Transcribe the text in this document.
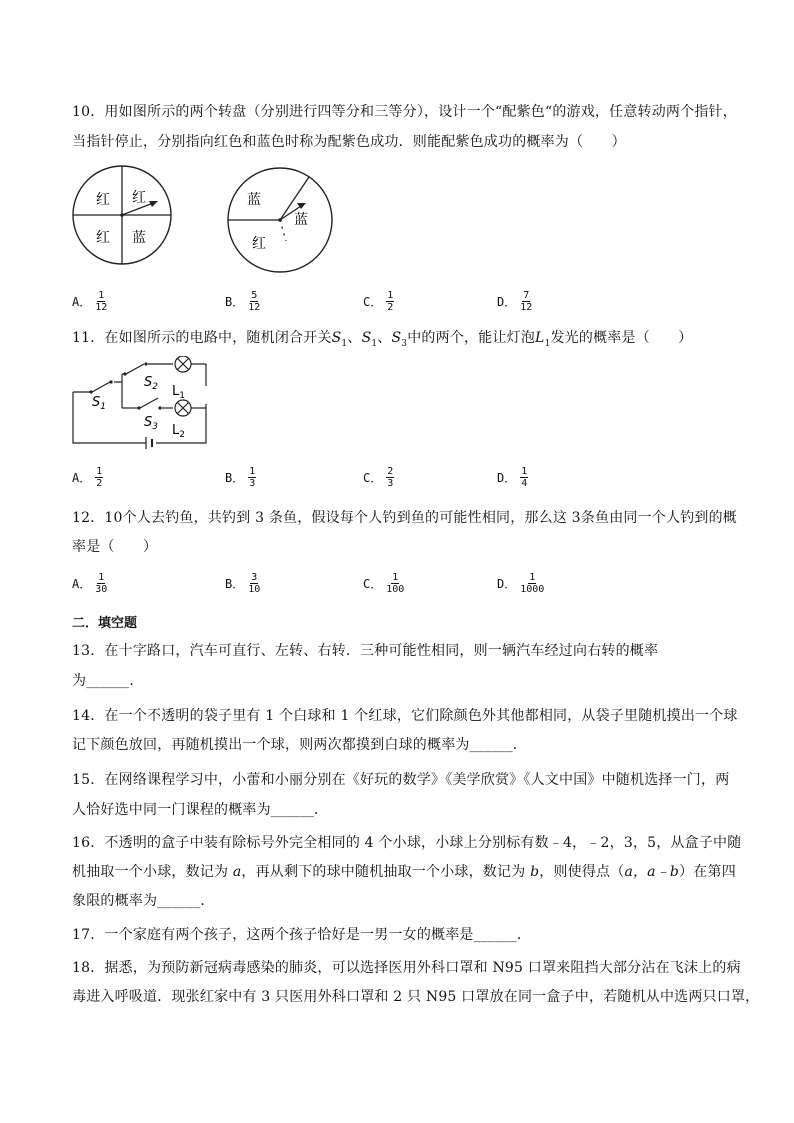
10．用如图所示的两个转盘（分别进行四等分和三等分），设计一个“配紫色“的游戏，任意转动两个指针，
当指针停止，分别指向红色和蓝色时称为配紫色成功．则能配紫色成功的概率为（　　）
红 红
红 蓝
蓝
蓝
红
A． $\frac{1}{12}$	B． $\frac{5}{12}$	C． $\frac{1}{2}$	D． $\frac{7}{12}$
11．在如图所示的电路中，随机闭合开关$S_1$、$S_1$、$S_3$中的两个，能让灯泡$L_1$发光的概率是（　　）
$S_1$
$S_2$ $L_1$
$S_3$ $L_2$
A． $\frac{1}{2}$	B． $\frac{1}{3}$	C． $\frac{2}{3}$	D． $\frac{1}{4}$
12．10个人去钓鱼，共钓到 3 条鱼，假设每个人钓到鱼的可能性相同，那么这 3条鱼由同一个人钓到的概
率是（　　）
A． $\frac{1}{30}$	B． $\frac{3}{10}$	C． $\frac{1}{100}$	D． $\frac{1}{1000}$
二．填空题
13．在十字路口，汽车可直行、左转、右转．三种可能性相同，则一辆汽车经过向右转的概率
为______．
14．在一个不透明的袋子里有 1 个白球和 1 个红球，它们除颜色外其他都相同，从袋子里随机摸出一个球
记下颜色放回，再随机摸出一个球，则两次都摸到白球的概率为______．
15．在网络课程学习中，小蕾和小丽分别在《好玩的数学》《美学欣赏》《人文中国》中随机选择一门，两
人恰好选中同一门课程的概率为______．
16．不透明的盒子中装有除标号外完全相同的 4 个小球，小球上分别标有数﹣4，﹣2，3，5，从盒子中随
机抽取一个小球，数记为 a，再从剩下的球中随机抽取一个小球，数记为 b，则使得点（a，a﹣b）在第四
象限的概率为______．
17．一个家庭有两个孩子，这两个孩子恰好是一男一女的概率是______．
18．据悉，为预防新冠病毒感染的肺炎，可以选择医用外科口罩和 N95 口罩来阻挡大部分沾在飞沫上的病
毒进入呼吸道．现张红家中有 3 只医用外科口罩和 2 只 N95 口罩放在同一盒子中，若随机从中选两只口罩，
